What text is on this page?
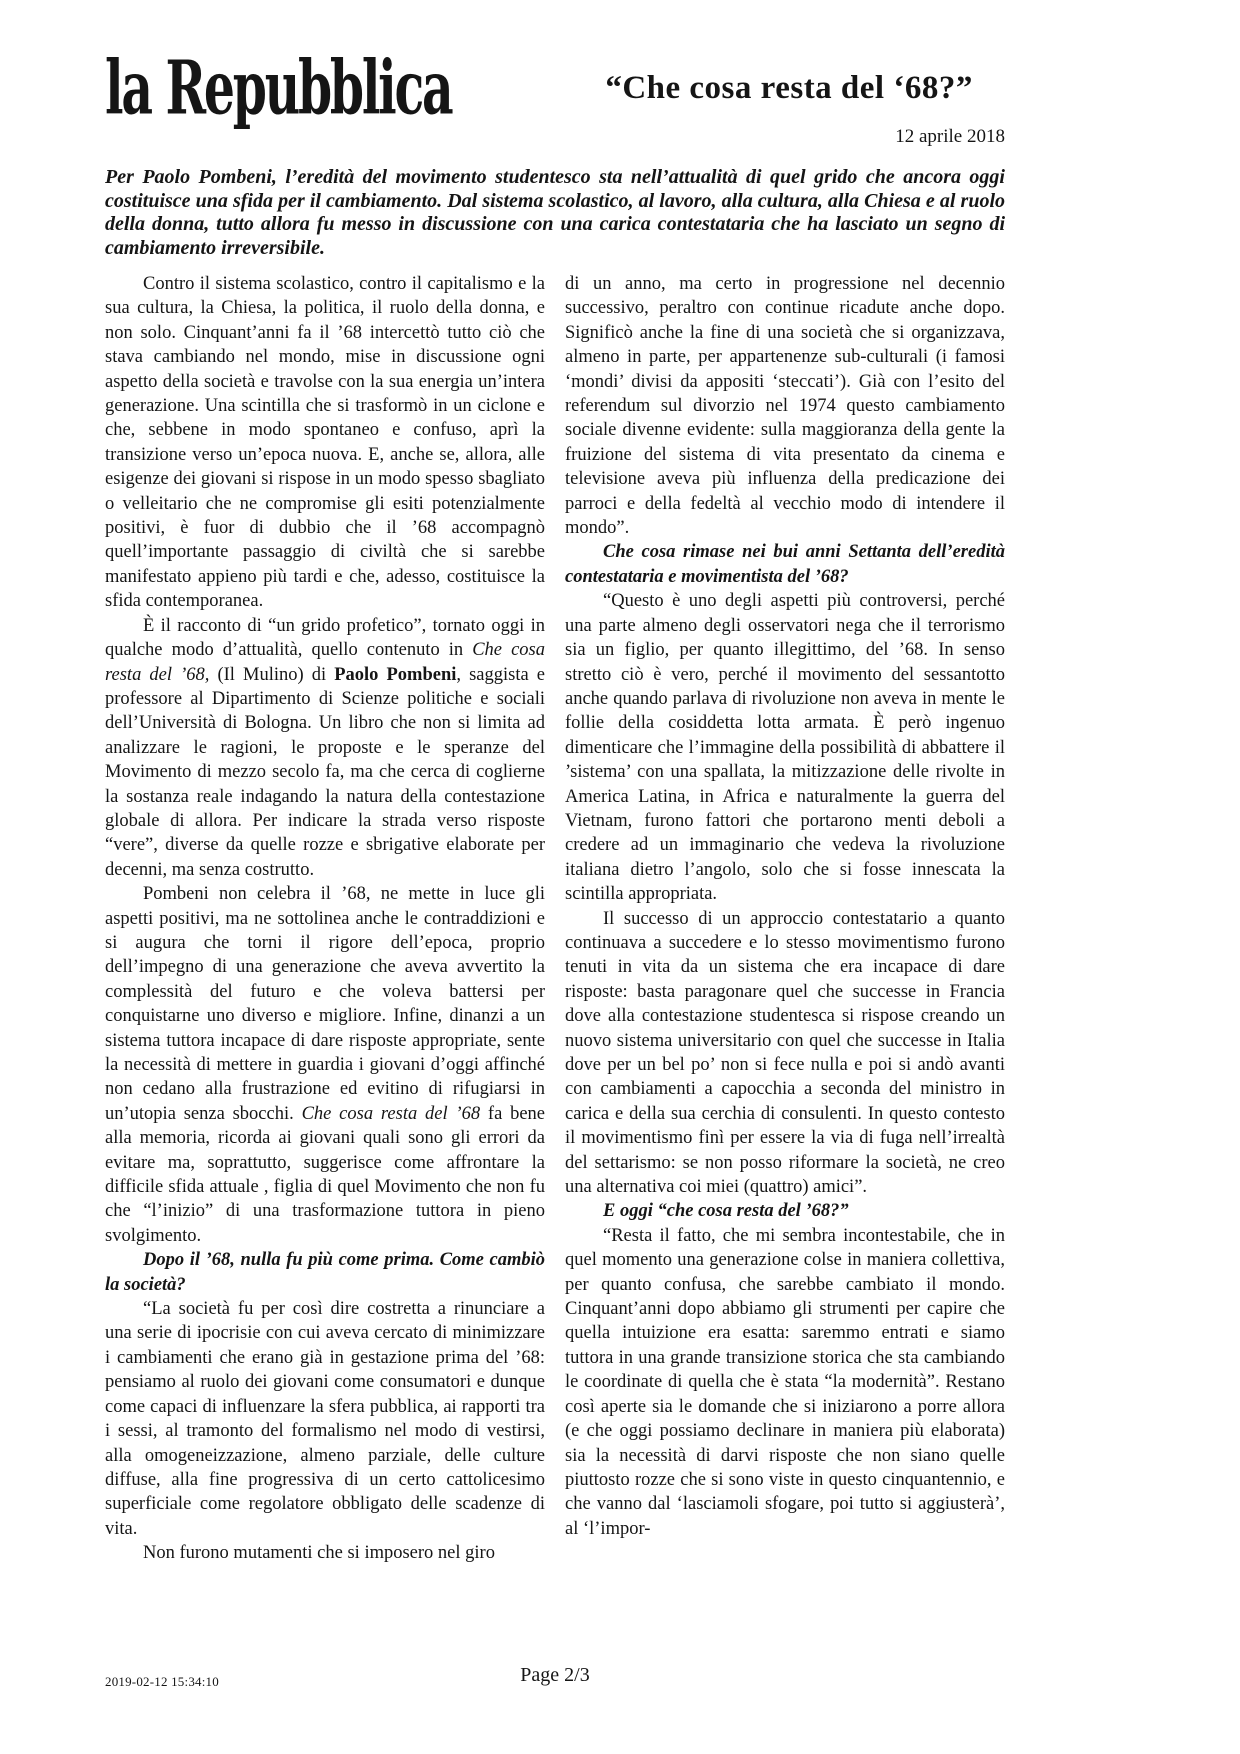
la Repubblica	“Che cosa resta del ‘68?”
12 aprile 2018

Per Paolo Pombeni, l’eredità del movimento studentesco sta nell’attualità di quel grido che ancora oggi costituisce una sfida per il cambiamento. Dal sistema scolastico, al lavoro, alla cultura, alla Chiesa e al ruolo della donna, tutto allora fu messo in discussione con una carica contestataria che ha lasciato un segno di cambiamento irreversibile.

Contro il sistema scolastico, contro il capitalismo e la sua cultura, la Chiesa, la politica, il ruolo della donna, e non solo. Cinquant’anni fa il ’68 intercettò tutto ciò che stava cambiando nel mondo, mise in discussione ogni aspetto della società e travolse con la sua energia un’intera generazione. Una scintilla che si trasformò in un ciclone e che, sebbene in modo spontaneo e confuso, aprì la transizione verso un’epoca nuova. E, anche se, allora, alle esigenze dei giovani si rispose in un modo spesso sbagliato o velleitario che ne compromise gli esiti potenzialmente positivi, è fuor di dubbio che il ’68 accompagnò quell’importante passaggio di civiltà che si sarebbe manifestato appieno più tardi e che, adesso, costituisce la sfida contemporanea.

È il racconto di “un grido profetico”, tornato oggi in qualche modo d’attualità, quello contenuto in Che cosa resta del ’68, (Il Mulino) di Paolo Pombeni, saggista e professore al Dipartimento di Scienze politiche e sociali dell’Università di Bologna. Un libro che non si limita ad analizzare le ragioni, le proposte e le speranze del Movimento di mezzo secolo fa, ma che cerca di coglierne la sostanza reale indagando la natura della contestazione globale di allora. Per indicare la strada verso risposte “vere”, diverse da quelle rozze e sbrigative elaborate per decenni, ma senza costrutto.

Pombeni non celebra il ’68, ne mette in luce gli aspetti positivi, ma ne sottolinea anche le contraddizioni e si augura che torni il rigore dell’epoca, proprio dell’impegno di una generazione che aveva avvertito la complessità del futuro e che voleva battersi per conquistarne uno diverso e migliore. Infine, dinanzi a un sistema tuttora incapace di dare risposte appropriate, sente la necessità di mettere in guardia i giovani d’oggi affinché non cedano alla frustrazione ed evitino di rifugiarsi in un’utopia senza sbocchi. Che cosa resta del ’68 fa bene alla memoria, ricorda ai giovani quali sono gli errori da evitare ma, soprattutto, suggerisce come affrontare la difficile sfida attuale , figlia di quel Movimento che non fu che “l’inizio” di una trasformazione tuttora in pieno svolgimento.

Dopo il ’68, nulla fu più come prima. Come cambiò la società?

“La società fu per così dire costretta a rinunciare a una serie di ipocrisie con cui aveva cercato di minimizzare i cambiamenti che erano già in gestazione prima del ’68: pensiamo al ruolo dei giovani come consumatori e dunque come capaci di influenzare la sfera pubblica, ai rapporti tra i sessi, al tramonto del formalismo nel modo di vestirsi, alla omogeneizzazione, almeno parziale, delle culture diffuse, alla fine progressiva di un certo cattolicesimo superficiale come regolatore obbligato delle scadenze di vita.

Non furono mutamenti che si imposero nel giro

di un anno, ma certo in progressione nel decennio successivo, peraltro con continue ricadute anche dopo. Significò anche la fine di una società che si organizzava, almeno in parte, per appartenenze sub-culturali (i famosi ‘mondi’ divisi da appositi ‘steccati’). Già con l’esito del referendum sul divorzio nel 1974 questo cambiamento sociale divenne evidente: sulla maggioranza della gente la fruizione del sistema di vita presentato da cinema e televisione aveva più influenza della predicazione dei parroci e della fedeltà al vecchio modo di intendere il mondo”.

Che cosa rimase nei bui anni Settanta dell’eredità contestataria e movimentista del ’68?

“Questo è uno degli aspetti più controversi, perché una parte almeno degli osservatori nega che il terrorismo sia un figlio, per quanto illegittimo, del ’68. In senso stretto ciò è vero, perché il movimento del sessantotto anche quando parlava di rivoluzione non aveva in mente le follie della cosiddetta lotta armata. È però ingenuo dimenticare che l’immagine della possibilità di abbattere il ’sistema’ con una spallata, la mitizzazione delle rivolte in America Latina, in Africa e naturalmente la guerra del Vietnam, furono fattori che portarono menti deboli a credere ad un immaginario che vedeva la rivoluzione italiana dietro l’angolo, solo che si fosse innescata la scintilla appropriata.

Il successo di un approccio contestatario a quanto continuava a succedere e lo stesso movimentismo furono tenuti in vita da un sistema che era incapace di dare risposte: basta paragonare quel che successe in Francia dove alla contestazione studentesca si rispose creando un nuovo sistema universitario con quel che successe in Italia dove per un bel po’ non si fece nulla e poi si andò avanti con cambiamenti a capocchia a seconda del ministro in carica e della sua cerchia di consulenti. In questo contesto il movimentismo finì per essere la via di fuga nell’irrealtà del settarismo: se non posso riformare la società, ne creo una alternativa coi miei (quattro) amici”.

E oggi “che cosa resta del ’68?”

“Resta il fatto, che mi sembra incontestabile, che in quel momento una generazione colse in maniera collettiva, per quanto confusa, che sarebbe cambiato il mondo. Cinquant’anni dopo abbiamo gli strumenti per capire che quella intuizione era esatta: saremmo entrati e siamo tuttora in una grande transizione storica che sta cambiando le coordinate di quella che è stata “la modernità”. Restano così aperte sia le domande che si iniziarono a porre allora (e che oggi possiamo declinare in maniera più elaborata) sia la necessità di darvi risposte che non siano quelle piuttosto rozze che si sono viste in questo cinquantennio, e che vanno dal ‘lasciamoli sfogare, poi tutto si aggiusterà’, al ‘l’impor-

2019-02-12 15:34:10	Page 2/3
